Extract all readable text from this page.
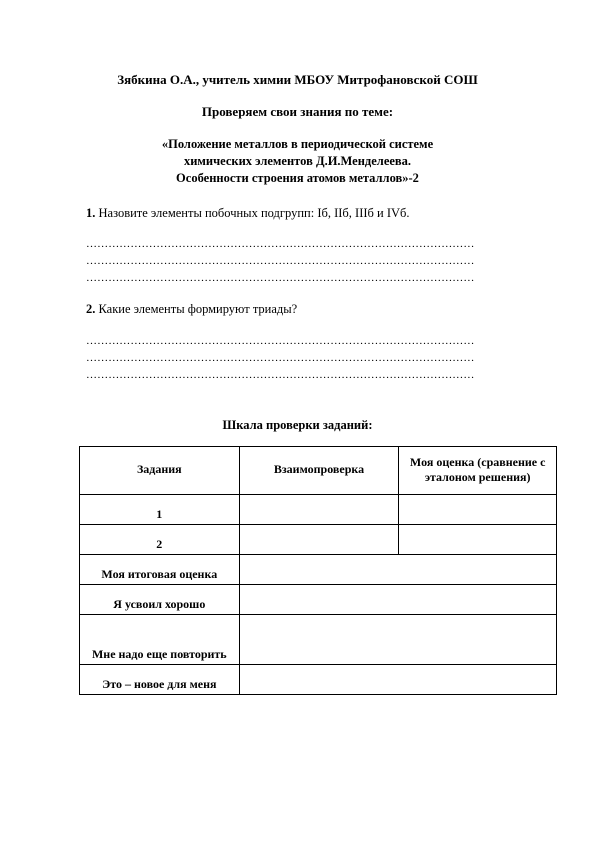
Зябкина О.А., учитель химии МБОУ Митрофановской СОШ
Проверяем свои знания по теме:
«Положение металлов в периодической системе
химических элементов Д.И.Менделеева.
Особенности строения атомов металлов»-2
1. Назовите элементы побочных подгрупп: Iб, IIб, IIIб и IVб.
……………………………………………………………………………………………
……………………………………………………………………………………………
……………………………………………………………………………………………
2. Какие элементы формируют триады?
……………………………………………………………………………………………
……………………………………………………………………………………………
……………………………………………………………………………………………
Шкала проверки заданий:
Задания	Взаимопроверка	Моя оценка (сравнение с эталоном решения)
1		
2		
Моя итоговая оценка		
Я усвоил хорошо		
Мне надо еще повторить		
Это – новое для меня		
